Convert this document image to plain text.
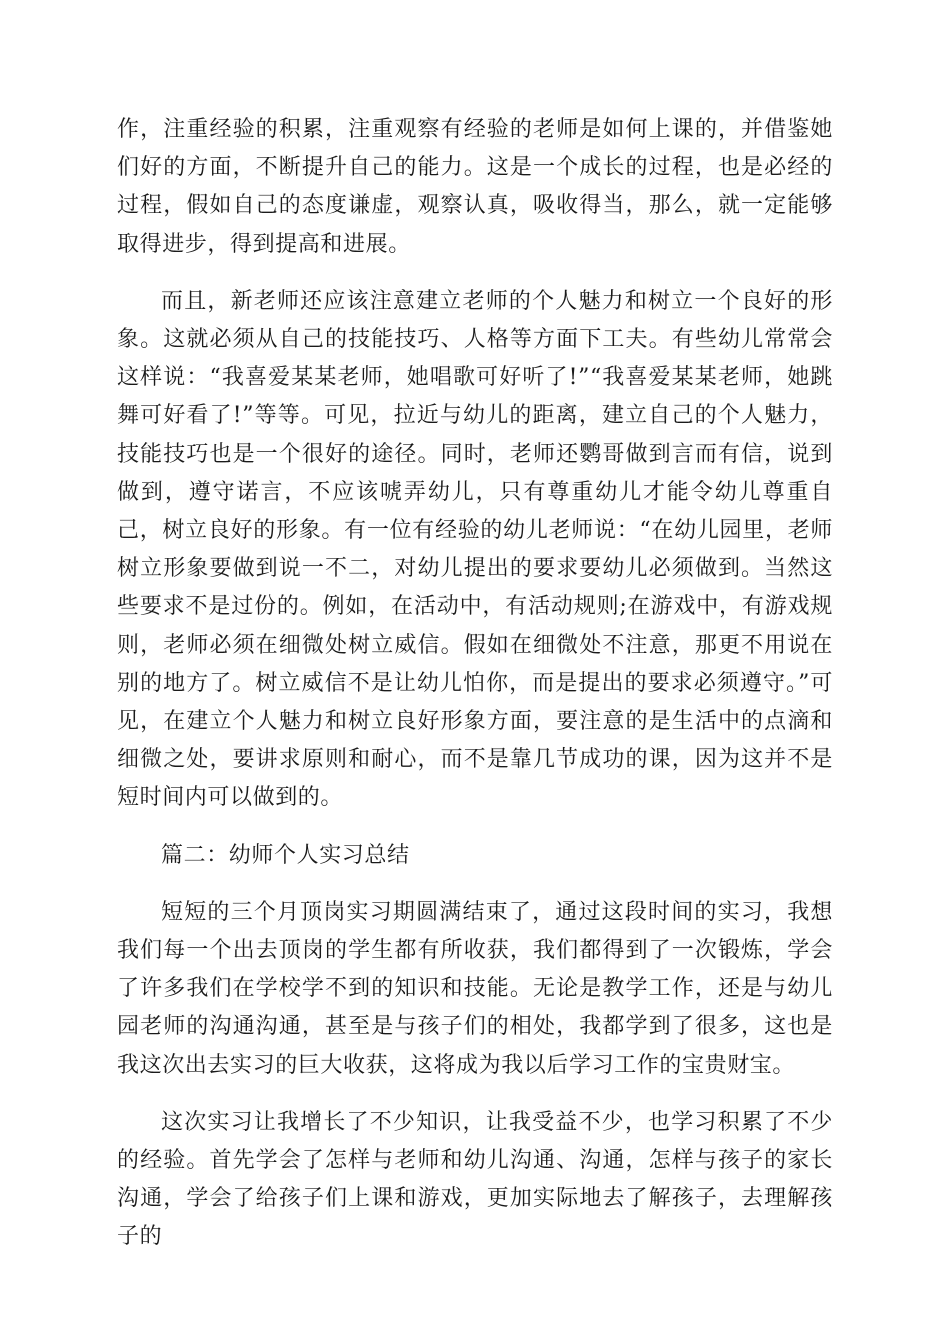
作，注重经验的积累，注重观察有经验的老师是如何上课的，并借鉴她们好的方面，不断提升自己的能力。这是一个成长的过程，也是必经的过程，假如自己的态度谦虚，观察认真，吸收得当，那么，就一定能够取得进步，得到提高和进展。

而且，新老师还应该注意建立老师的个人魅力和树立一个良好的形象。这就必须从自己的技能技巧、人格等方面下工夫。有些幼儿常常会这样说：“我喜爱某某老师，她唱歌可好听了!”“我喜爱某某老师，她跳舞可好看了!”等等。可见，拉近与幼儿的距离，建立自己的个人魅力，技能技巧也是一个很好的途径。同时，老师还鹦哥做到言而有信，说到做到，遵守诺言，不应该唬弄幼儿，只有尊重幼儿才能令幼儿尊重自己，树立良好的形象。有一位有经验的幼儿老师说：“在幼儿园里，老师树立形象要做到说一不二，对幼儿提出的要求要幼儿必须做到。当然这些要求不是过份的。例如，在活动中，有活动规则;在游戏中，有游戏规则，老师必须在细微处树立威信。假如在细微处不注意，那更不用说在别的地方了。树立威信不是让幼儿怕你，而是提出的要求必须遵守。”可见，在建立个人魅力和树立良好形象方面，要注意的是生活中的点滴和细微之处，要讲求原则和耐心，而不是靠几节成功的课，因为这并不是短时间内可以做到的。

篇二：幼师个人实习总结

短短的三个月顶岗实习期圆满结束了，通过这段时间的实习，我想我们每一个出去顶岗的学生都有所收获，我们都得到了一次锻炼，学会了许多我们在学校学不到的知识和技能。无论是教学工作，还是与幼儿园老师的沟通沟通，甚至是与孩子们的相处，我都学到了很多，这也是我这次出去实习的巨大收获，这将成为我以后学习工作的宝贵财宝。

这次实习让我增长了不少知识，让我受益不少，也学习积累了不少的经验。首先学会了怎样与老师和幼儿沟通、沟通，怎样与孩子的家长沟通，学会了给孩子们上课和游戏，更加实际地去了解孩子，去理解孩子的
